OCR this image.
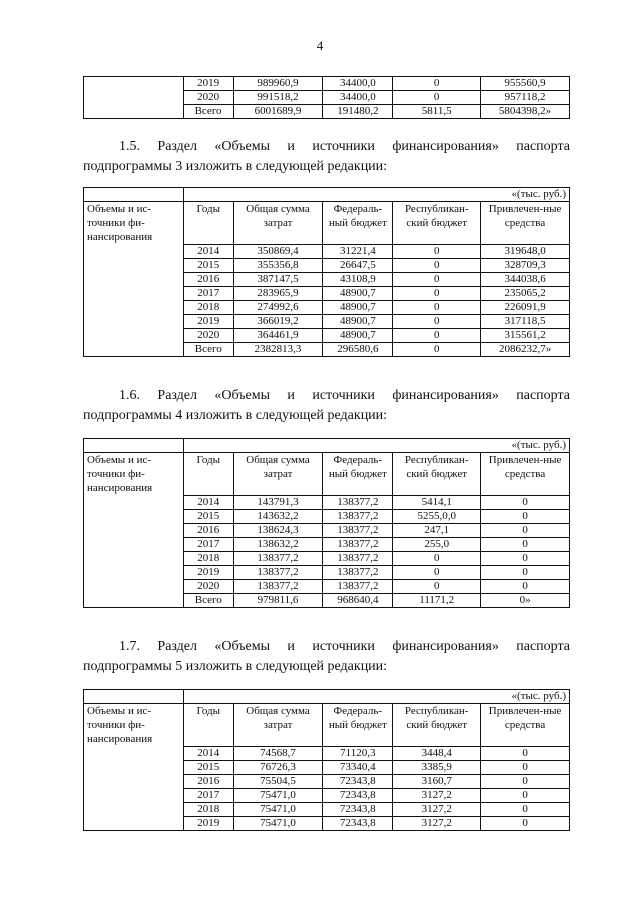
4
	2019	989960,9	34400,0	0	955560,9
	2020	991518,2	34400,0	0	957118,2
	Всего	6001689,9	191480,2	5811,5	5804398,2»

1.5. Раздел «Объемы и источники финансирования» паспорта подпрограммы 3 изложить в следующей редакции:

	«(тыс. руб.)				
Объемы и ис-точники фи-нансирования	Годы	Общая сумма затрат	Федераль-ный бюджет	Республикан-ский бюджет	Привлечен-ные средства
	2014	350869,4	31221,4	0	319648,0
	2015	355356,8	26647,5	0	328709,3
	2016	387147,5	43108,9	0	344038,6
	2017	283965,9	48900,7	0	235065,2
	2018	274992,6	48900,7	0	226091,9
	2019	366019,2	48900,7	0	317118,5
	2020	364461,9	48900,7	0	315561,2
	Всего	2382813,3	296580,6	0	2086232,7»

1.6. Раздел «Объемы и источники финансирования» паспорта подпрограммы 4 изложить в следующей редакции:

	«(тыс. руб.)				
Объемы и ис-точники фи-нансирования	Годы	Общая сумма затрат	Федераль-ный бюджет	Республикан-ский бюджет	Привлечен-ные средства
	2014	143791,3	138377,2	5414,1	0
	2015	143632,2	138377,2	5255,0,0	0
	2016	138624,3	138377,2	247,1	0
	2017	138632,2	138377,2	255,0	0
	2018	138377,2	138377,2	0	0
	2019	138377,2	138377,2	0	0
	2020	138377,2	138377,2	0	0
	Всего	979811,6	968640,4	11171,2	0»

1.7. Раздел «Объемы и источники финансирования» паспорта подпрограммы 5 изложить в следующей редакции:

	«(тыс. руб.)				
Объемы и ис-точники фи-нансирования	Годы	Общая сумма затрат	Федераль-ный бюджет	Республикан-ский бюджет	Привлечен-ные средства
	2014	74568,7	71120,3	3448,4	0
	2015	76726,3	73340,4	3385,9	0
	2016	75504,5	72343,8	3160,7	0
	2017	75471,0	72343,8	3127,2	0
	2018	75471,0	72343,8	3127,2	0
	2019	75471,0	72343,8	3127,2	0
